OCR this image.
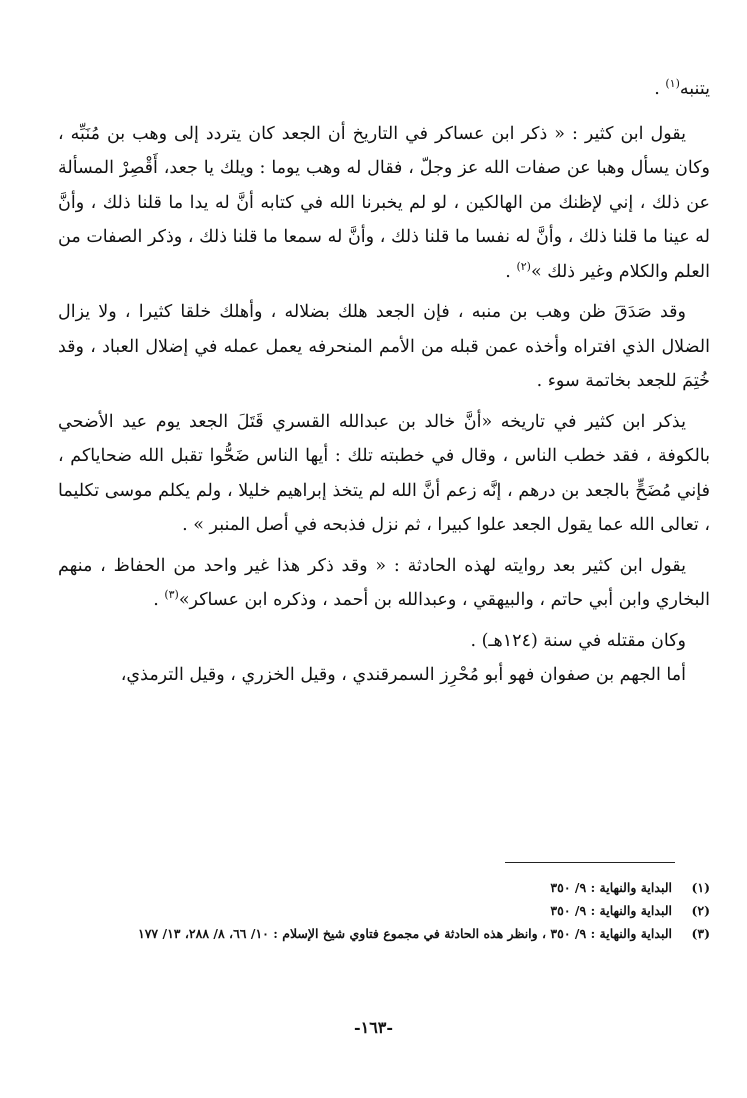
يتنبه$^{(١)}$ .

يقول ابن كثير : « ذكر ابن عساكر في التاريخ أن الجعد كان يتردد إلى وهب بن مُنَبِّه ، وكان يسأل وهبا عن صفات الله عز وجلّ ، فقال له وهب يوما : ويلك يا جعد، أَقْصِرْ المسألة عن ذلك ، إني لإظنك من الهالكين ، لو لم يخبرنا الله في كتابه أنَّ له يدا ما قلنا ذلك ، وأنَّ له عينا ما قلنا ذلك ، وأنَّ له نفسا ما قلنا ذلك ، وأنَّ له سمعا ما قلنا ذلك ، وذكر الصفات من العلم والكلام وغير ذلك »$^{(٢)}$ .

وقد صَدَقَ ظن وهب بن منبه ، فإن الجعد هلك بضلاله ، وأهلك خلقا كثيرا ، ولا يزال الضلال الذي افتراه وأخذه عمن قبله من الأمم المنحرفه يعمل عمله في إضلال العباد ، وقد خُتِمَ للجعد بخاتمة سوء .

يذكر ابن كثير في تاريخه «أنَّ خالد بن عبدالله القسري قَتَلَ الجعد يوم عيد الأضحي بالكوفة ، فقد خطب الناس ، وقال في خطبته تلك : أيها الناس ضَحُّوا تقبل الله ضحاياكم ، فإني مُضَحٍّ بالجعد بن درهم ، إنَّه زعم أنَّ الله لم يتخذ إبراهيم خليلا ، ولم يكلم موسى تكليما ، تعالى الله عما يقول الجعد علوا كبيرا ، ثم نزل فذبحه في أصل المنبر » .

يقول ابن كثير بعد روايته لهذه الحادثة : « وقد ذكر هذا غير واحد من الحفاظ ، منهم البخاري وابن أبي حاتم ، والبيهقي ، وعبدالله بن أحمد ، وذكره ابن عساكر»$^{(٣)}$ .

وكان مقتله في سنة (١٢٤هـ) .

أما الجهم بن صفوان فهو أبو مُحْرِز السمرقندي ، وقيل الخزري ، وقيل الترمذي،

(١)
البداية والنهاية : ٩/ ٣٥٠
(٢)
البداية والنهاية : ٩/ ٣٥٠
(٣)
البداية والنهاية : ٩/ ٣٥٠ ، وانظر هذه الحادثة في مجموع فتاوي شيخ الإسلام : ١٠/ ٦٦، ٨/ ٢٨٨، ١٣/ ١٧٧
-١٦٣-
